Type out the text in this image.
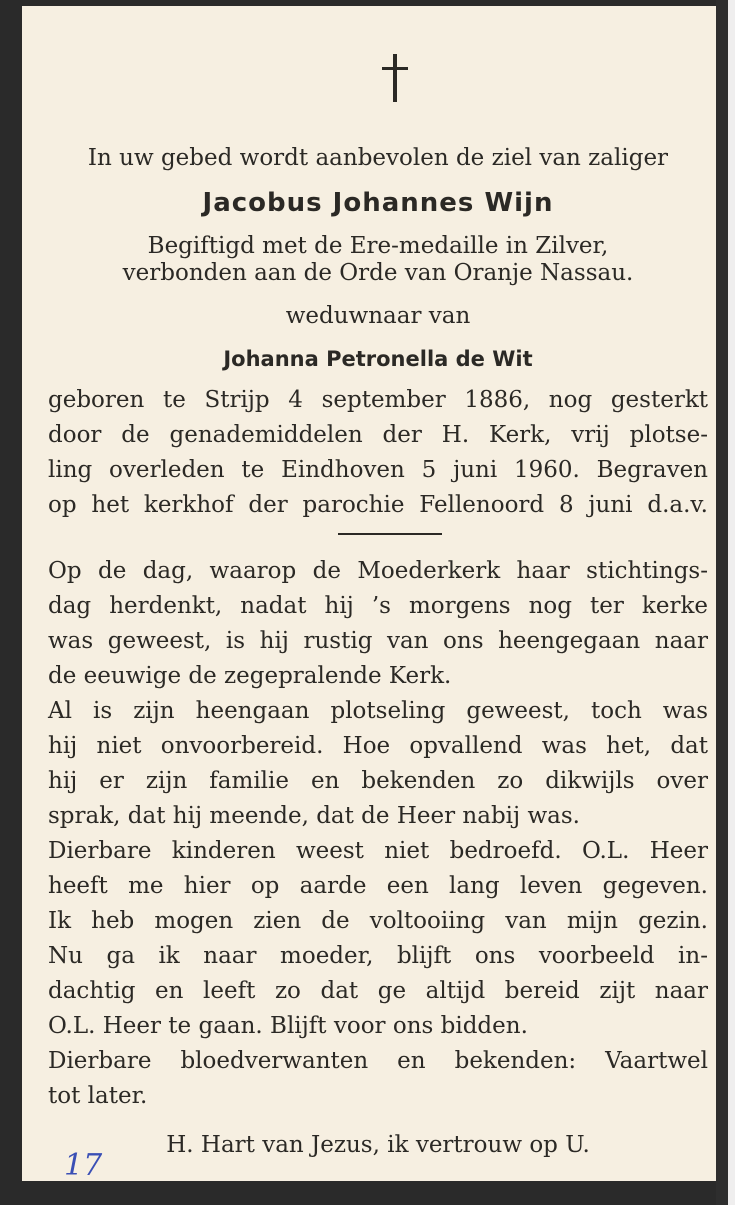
In uw gebed wordt aanbevolen de ziel van zaliger
Jacobus Johannes Wijn
Begiftigd met de Ere-medaille in Zilver,
verbonden aan de Orde van Oranje Nassau.
weduwnaar van
Johanna Petronella de Wit
geboren te Strijp 4 september 1886, nog gesterkt
door de genademiddelen der H. Kerk, vrij plotse-
ling overleden te Eindhoven 5 juni 1960. Begraven
op het kerkhof der parochie Fellenoord 8 juni d.a.v.
Op de dag, waarop de Moederkerk haar stichtings-
dag herdenkt, nadat hij ’s morgens nog ter kerke
was geweest, is hij rustig van ons heengegaan naar
de eeuwige de zegepralende Kerk.
Al is zijn heengaan plotseling geweest, toch was
hij niet onvoorbereid. Hoe opvallend was het, dat
hij er zijn familie en bekenden zo dikwijls over
sprak, dat hij meende, dat de Heer nabij was.
Dierbare kinderen weest niet bedroefd. O.L. Heer
heeft me hier op aarde een lang leven gegeven.
Ik heb mogen zien de voltooiing van mijn gezin.
Nu ga ik naar moeder, blijft ons voorbeeld in-
dachtig en leeft zo dat ge altijd bereid zijt naar
O.L. Heer te gaan. Blijft voor ons bidden.
Dierbare bloedverwanten en bekenden: Vaartwel
tot later.
H. Hart van Jezus, ik vertrouw op U.
17
